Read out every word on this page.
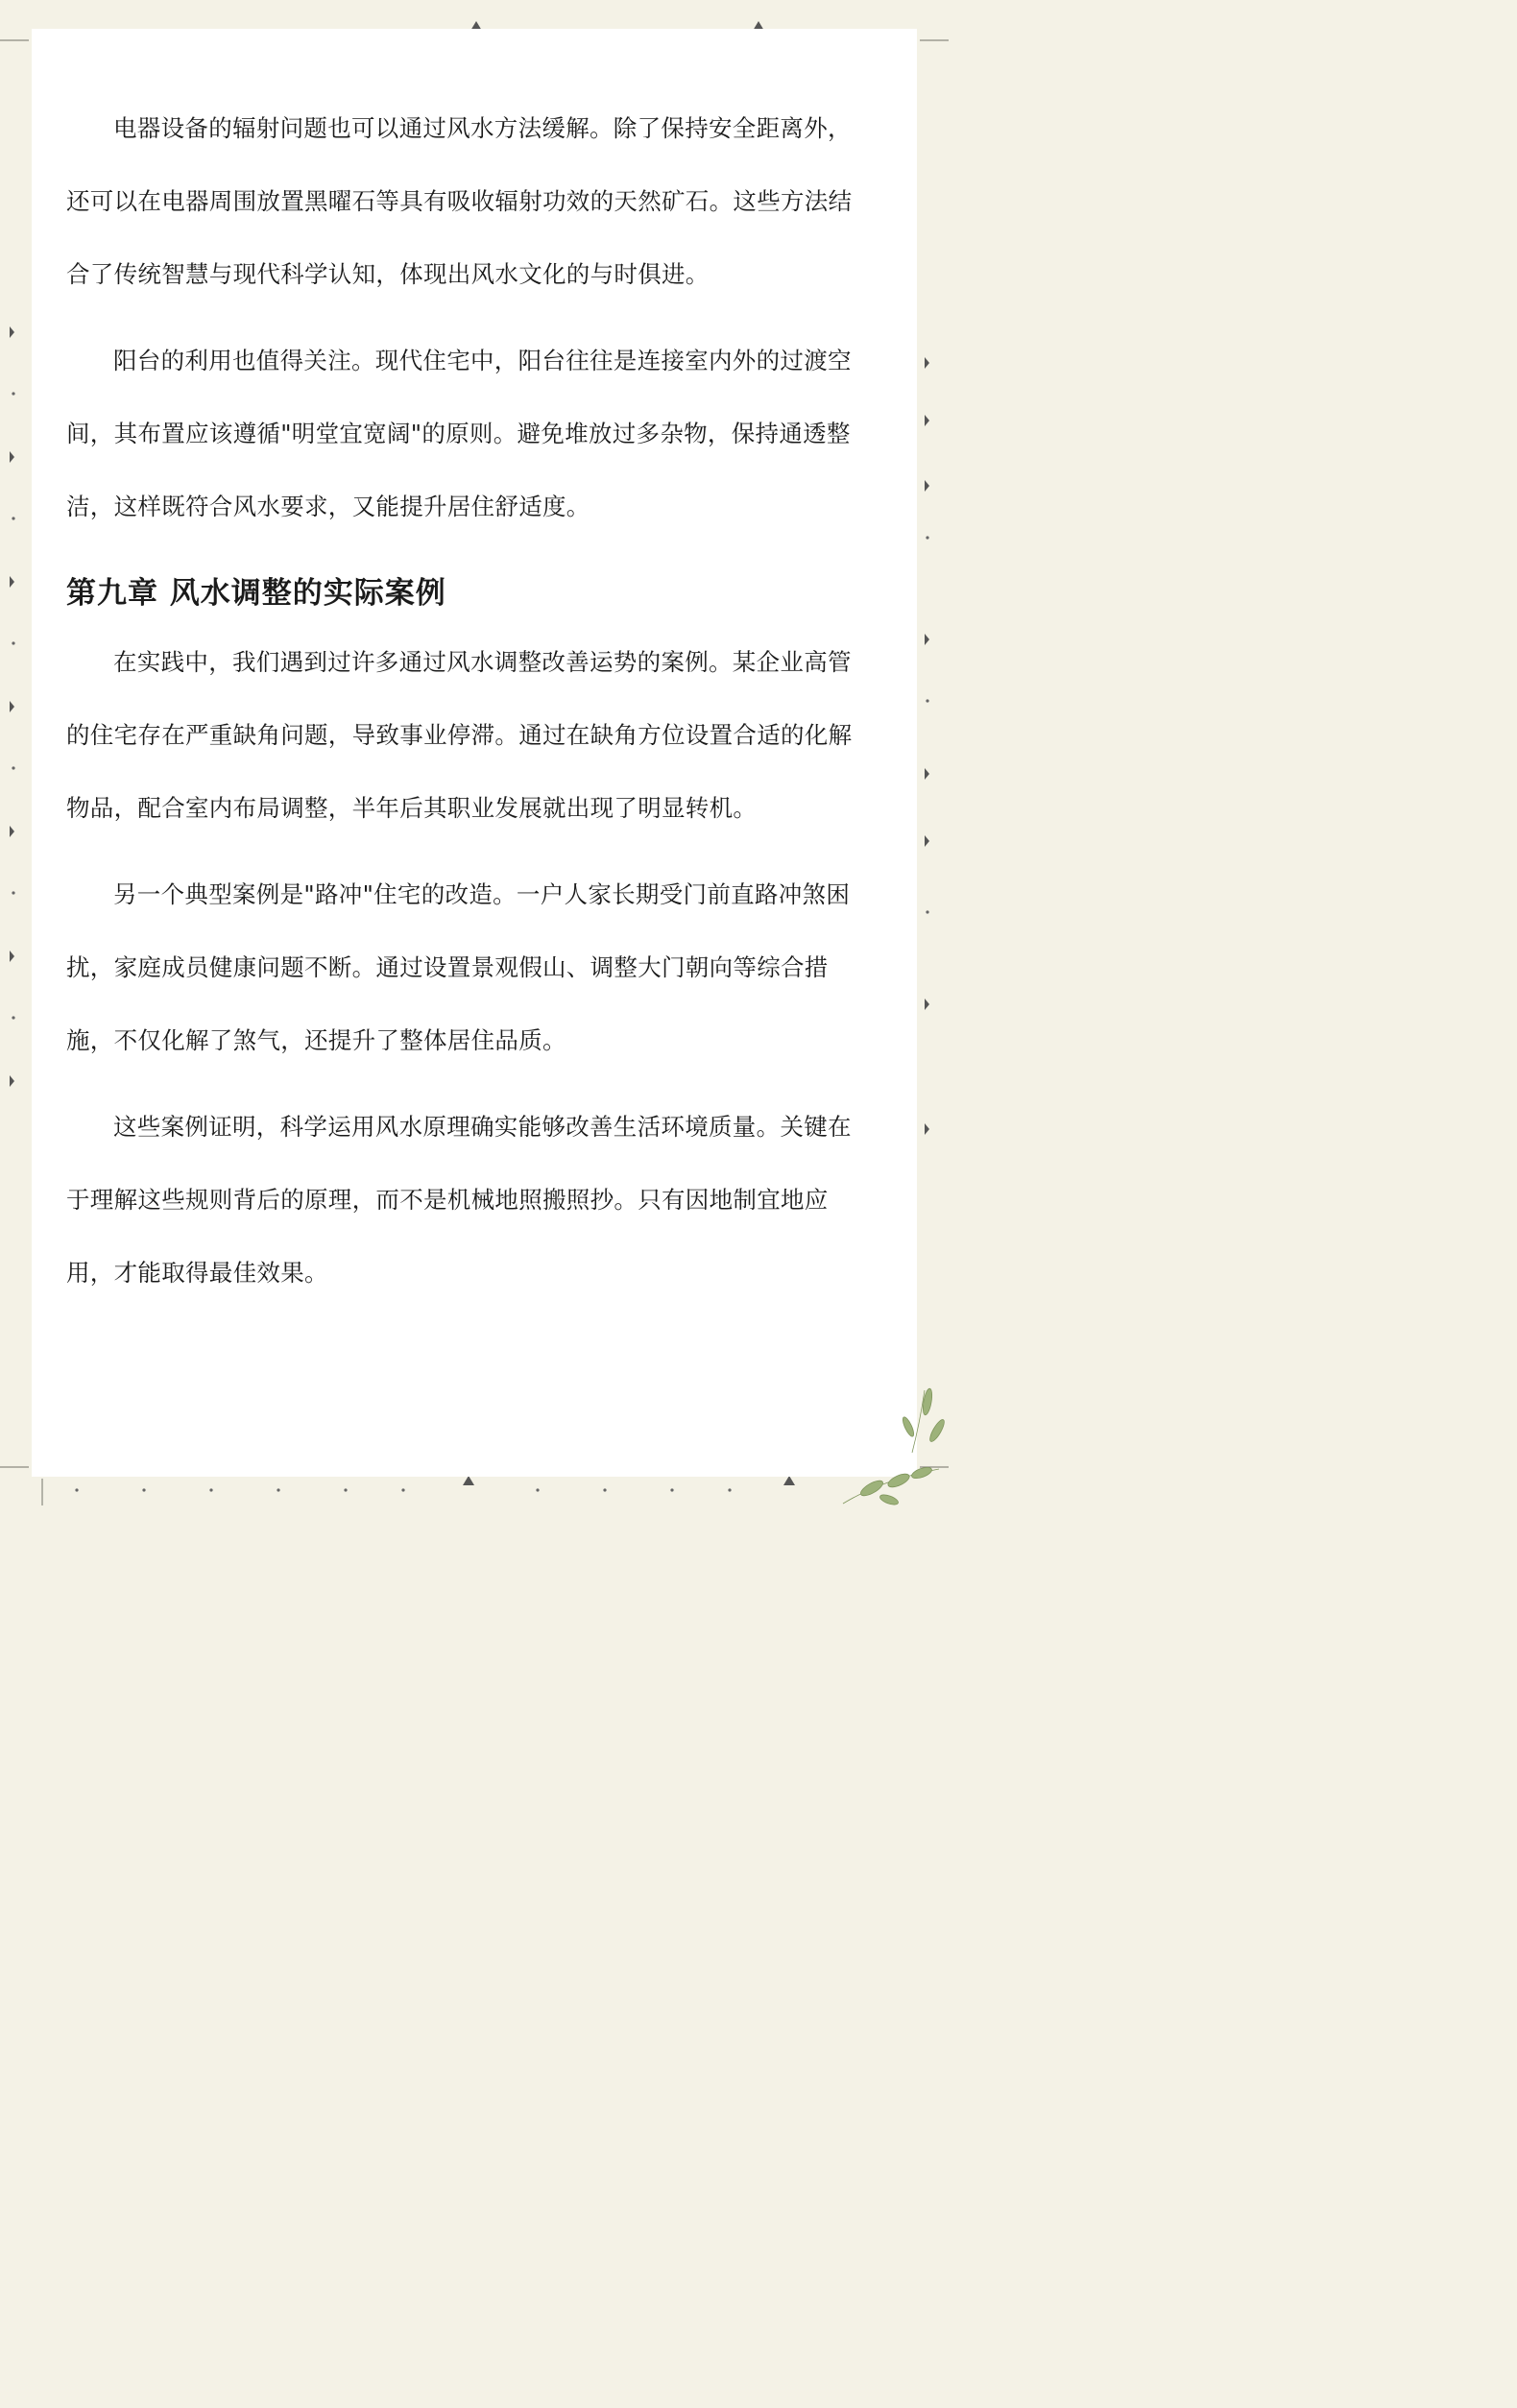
电器设备的辐射问题也可以通过风水方法缓解。除了保持安全距离外，还可以在电器周围放置黑曜石等具有吸收辐射功效的天然矿石。这些方法结合了传统智慧与现代科学认知，体现出风水文化的与时俱进。

阳台的利用也值得关注。现代住宅中，阳台往往是连接室内外的过渡空间，其布置应该遵循"明堂宜宽阔"的原则。避免堆放过多杂物，保持通透整洁，这样既符合风水要求，又能提升居住舒适度。

第九章 风水调整的实际案例

在实践中，我们遇到过许多通过风水调整改善运势的案例。某企业高管的住宅存在严重缺角问题，导致事业停滞。通过在缺角方位设置合适的化解物品，配合室内布局调整，半年后其职业发展就出现了明显转机。

另一个典型案例是"路冲"住宅的改造。一户人家长期受门前直路冲煞困扰，家庭成员健康问题不断。通过设置景观假山、调整大门朝向等综合措施，不仅化解了煞气，还提升了整体居住品质。

这些案例证明，科学运用风水原理确实能够改善生活环境质量。关键在于理解这些规则背后的原理，而不是机械地照搬照抄。只有因地制宜地应用，才能取得最佳效果。
